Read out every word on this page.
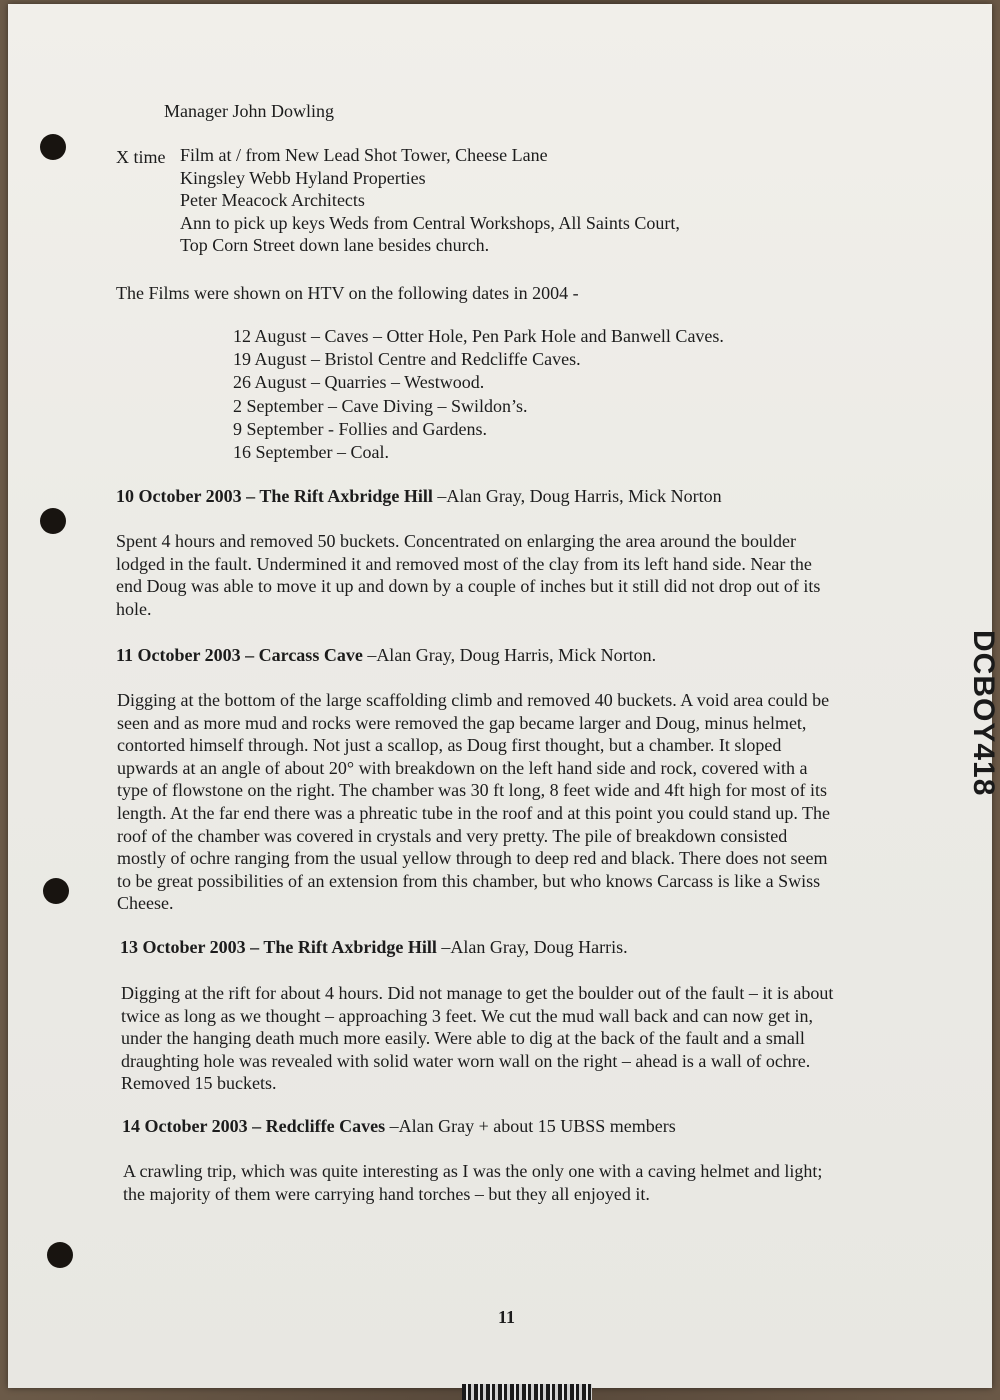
DCBOY418
Manager John Dowling
X time Film at / from New Lead Shot Tower, Cheese Lane
Kingsley Webb Hyland Properties
Peter Meacock Architects
Ann to pick up keys Weds from Central Workshops, All Saints Court,
Top Corn Street down lane besides church.
The Films were shown on HTV on the following dates in 2004 -
12 August – Caves – Otter Hole, Pen Park Hole and Banwell Caves.
19 August – Bristol Centre and Redcliffe Caves.
26 August – Quarries – Westwood.
2 September – Cave Diving – Swildon’s.
9 September - Follies and Gardens.
16 September – Coal.
10 October 2003 – The Rift Axbridge Hill –Alan Gray, Doug Harris, Mick Norton

Spent 4 hours and removed 50 buckets. Concentrated on enlarging the area around the boulder

lodged in the fault. Undermined it and removed most of the clay from its left hand side. Near the

end Doug was able to move it up and down by a couple of inches but it still did not drop out of its

hole.

11 October 2003 – Carcass Cave –Alan Gray, Doug Harris, Mick Norton.

Digging at the bottom of the large scaffolding climb and removed 40 buckets. A void area could be

seen and as more mud and rocks were removed the gap became larger and Doug, minus helmet,

contorted himself through. Not just a scallop, as Doug first thought, but a chamber. It sloped

upwards at an angle of about 20° with breakdown on the left hand side and rock, covered with a

type of flowstone on the right. The chamber was 30 ft long, 8 feet wide and 4ft high for most of its

length. At the far end there was a phreatic tube in the roof and at this point you could stand up. The

roof of the chamber was covered in crystals and very pretty. The pile of breakdown consisted

mostly of ochre ranging from the usual yellow through to deep red and black. There does not seem

to be great possibilities of an extension from this chamber, but who knows Carcass is like a Swiss

Cheese.

13 October 2003 – The Rift Axbridge Hill –Alan Gray, Doug Harris.

Digging at the rift for about 4 hours. Did not manage to get the boulder out of the fault – it is about

twice as long as we thought – approaching 3 feet. We cut the mud wall back and can now get in,

under the hanging death much more easily. Were able to dig at the back of the fault and a small

draughting hole was revealed with solid water worn wall on the right – ahead is a wall of ochre.

Removed 15 buckets.

14 October 2003 – Redcliffe Caves –Alan Gray + about 15 UBSS members

A crawling trip, which was quite interesting as I was the only one with a caving helmet and light;

the majority of them were carrying hand torches – but they all enjoyed it.

11
